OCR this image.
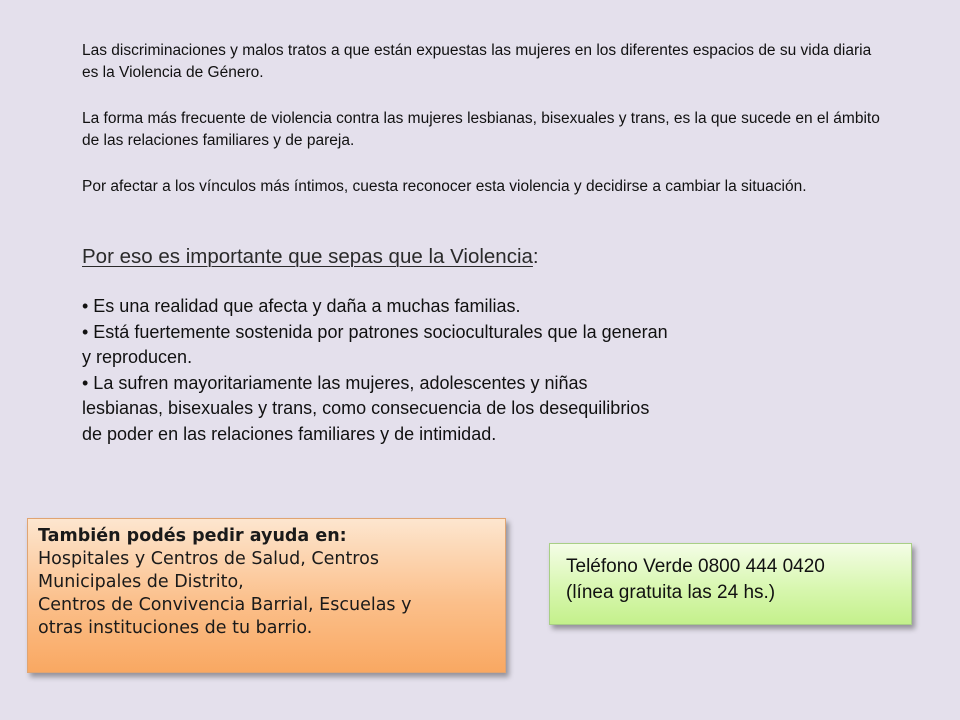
Las discriminaciones y malos tratos a que están expuestas las mujeres en los diferentes espacios de su vida diaria es la Violencia de Género.

La forma más frecuente de violencia contra las mujeres lesbianas, bisexuales y trans, es la que sucede en el ámbito de las relaciones familiares y de pareja.

Por afectar a los vínculos más íntimos, cuesta reconocer esta violencia y decidirse a cambiar la situación.

Por eso es importante que sepas que la Violencia:

• Es una realidad que afecta y daña a muchas familias.
• Está fuertemente sostenida por patrones socioculturales que la generan y reproducen.
• La sufren mayoritariamente las mujeres, adolescentes y niñas lesbianas, bisexuales y trans, como consecuencia de los desequilibrios de poder en las relaciones familiares y de intimidad.
También podés pedir ayuda en:
Hospitales y Centros de Salud, Centros
Municipales de Distrito,
Centros de Convivencia Barrial, Escuelas y
otras instituciones de tu barrio.
Teléfono Verde 0800 444 0420
(línea gratuita las 24 hs.)
